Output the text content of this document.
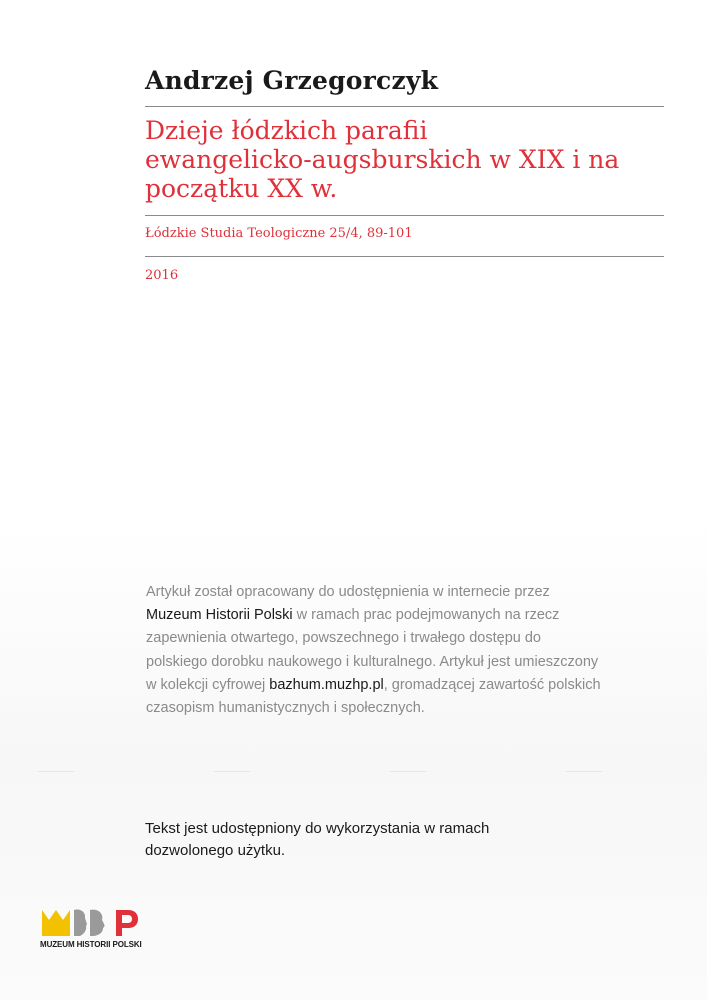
Andrzej Grzegorczyk
Dzieje łódzkich parafii
ewangelicko-augsburskich w XIX i na
początku XX w.
Łódzkie Studia Teologiczne 25/4, 89-101
2016
Artykuł został opracowany do udostępnienia w internecie przez
Muzeum Historii Polski w ramach prac podejmowanych na rzecz
zapewnienia otwartego, powszechnego i trwałego dostępu do
polskiego dorobku naukowego i kulturalnego. Artykuł jest umieszczony
w kolekcji cyfrowej bazhum.muzhp.pl, gromadzącej zawartość polskich
czasopism humanistycznych i społecznych.
Tekst jest udostępniony do wykorzystania w ramach
dozwolonego użytku.
MUZEUM HISTORII POLSKI
